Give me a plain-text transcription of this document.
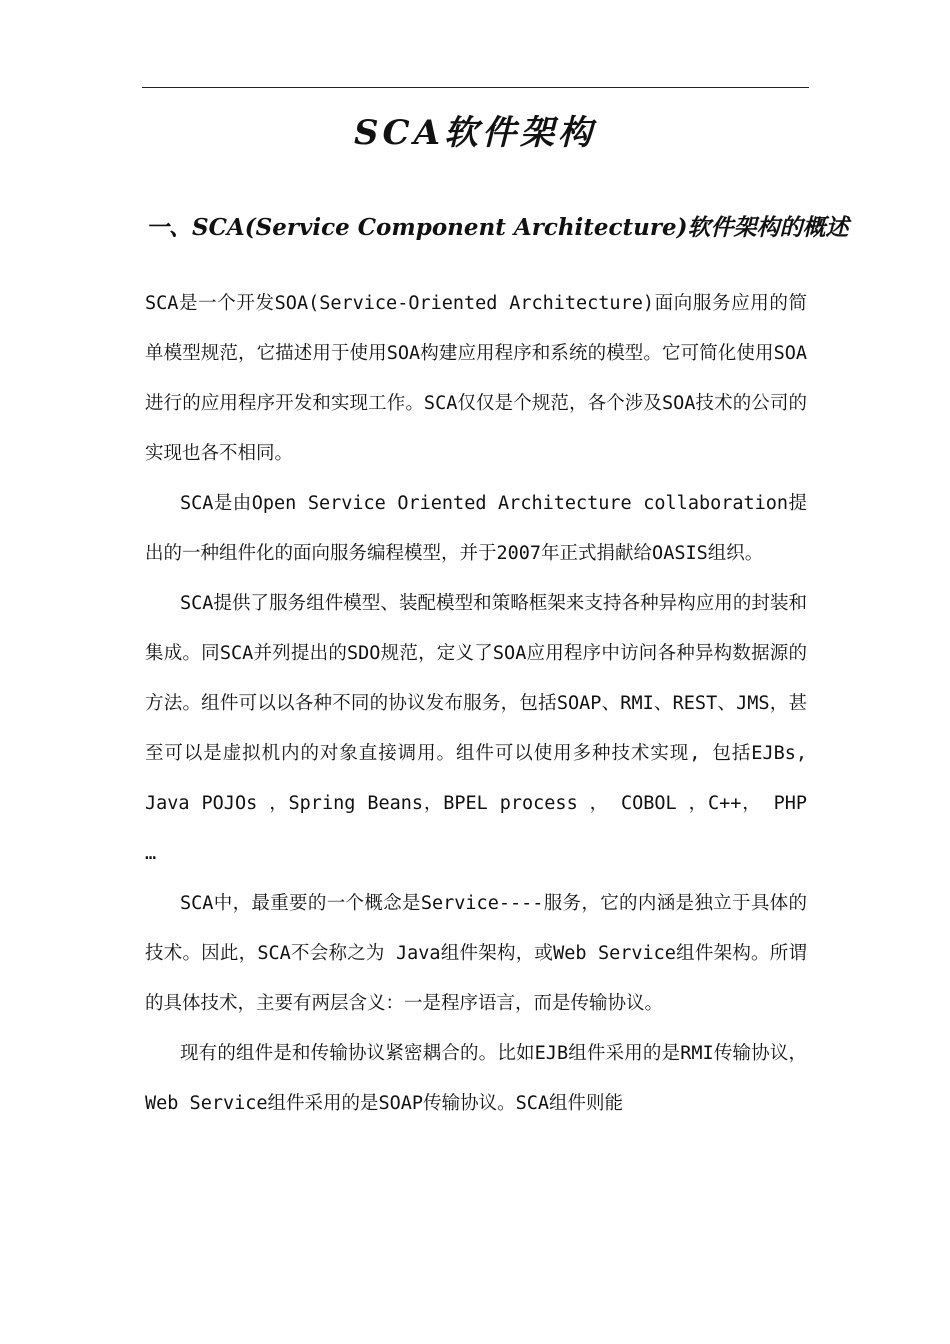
SCA软件架构
一、SCA(Service Component Architecture)软件架构的概述

SCA是一个开发SOA(Service-Oriented Architecture)面向服务应用的简单模型规范，它描述用于使用SOA构建应用程序和系统的模型。它可简化使用SOA进行的应用程序开发和实现工作。SCA仅仅是个规范，各个涉及SOA技术的公司的实现也各不相同。

SCA是由Open Service Oriented Architecture collaboration提出的一种组件化的面向服务编程模型，并于2007年正式捐献给OASIS组织。

SCA提供了服务组件模型、装配模型和策略框架来支持各种异构应用的封装和集成。同SCA并列提出的SDO规范，定义了SOA应用程序中访问各种异构数据源的方法。组件可以以各种不同的协议发布服务，包括SOAP、RMI、REST、JMS，甚至可以是虚拟机内的对象直接调用。组件可以使用多种技术实现, 包括EJBs, Java POJOs ，Spring Beans，BPEL process ， COBOL ，C++， PHP …

SCA中，最重要的一个概念是Service----服务，它的内涵是独立于具体的技术。因此，SCA不会称之为 Java组件架构，或Web Service组件架构。所谓的具体技术，主要有两层含义：一是程序语言，而是传输协议。

现有的组件是和传输协议紧密耦合的。比如EJB组件采用的是RMI传输协议，Web Service组件采用的是SOAP传输协议。SCA组件则能
